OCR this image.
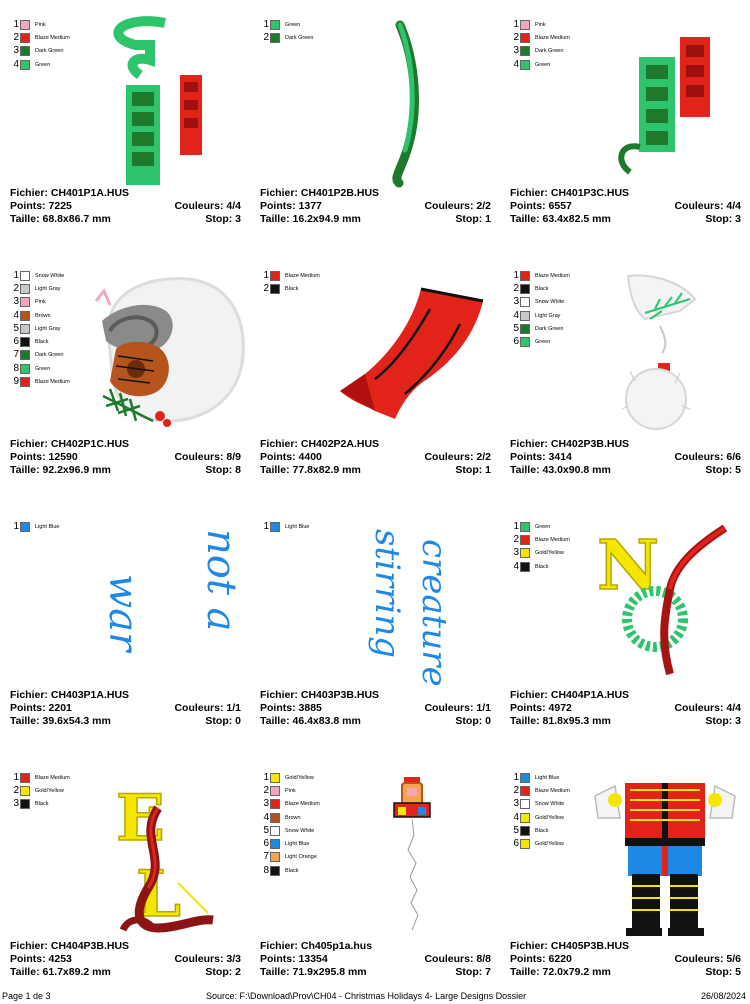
1	Pink
2	Blaze Medium
3	Dark Green
4	Green
Fichier: CH401P1A.HUS
Points: 7225	Couleurs: 4/4
Taille: 68.8x86.7 mm	Stop: 3
1	Green
2	Dark Green
Fichier: CH401P2B.HUS
Points: 1377	Couleurs: 2/2
Taille: 16.2x94.9 mm	Stop: 1
1	Pink
2	Blaze Medium
3	Dark Green
4	Green
Fichier: CH401P3C.HUS
Points: 6557	Couleurs: 4/4
Taille: 63.4x82.5 mm	Stop: 3
1	Snow White
2	Light Gray
3	Pink
4	Brown
5	Light Gray
6	Black
7	Dark Green
8	Green
9	Blaze Medium
Fichier: CH402P1C.HUS
Points: 12590	Couleurs: 8/9
Taille: 92.2x96.9 mm	Stop: 8
1	Blaze Medium
2	Black
Fichier: CH402P2A.HUS
Points: 4400	Couleurs: 2/2
Taille: 77.8x82.9 mm	Stop: 1
1	Blaze Medium
2	Black
3	Snow White
4	Light Gray
5	Dark Green
6	Green
Fichier: CH402P3B.HUS
Points: 3414	Couleurs: 6/6
Taille: 43.0x90.8 mm	Stop: 5
1	Light Blue
war not a
Fichier: CH403P1A.HUS
Points: 2201	Couleurs: 1/1
Taille: 39.6x54.3 mm	Stop: 0
1	Light Blue
stirring creature
Fichier: CH403P3B.HUS
Points: 3885	Couleurs: 1/1
Taille: 46.4x83.8 mm	Stop: 0
1	Green
2	Blaze Medium
3	Gold/Yellow
4	Black N
Fichier: CH404P1A.HUS
Points: 4972	Couleurs: 4/4
Taille: 81.8x95.3 mm	Stop: 3
1	Blaze Medium
2	Gold/Yellow
3	Black E
L
Fichier: CH404P3B.HUS
Points: 4253	Couleurs: 3/3
Taille: 61.7x89.2 mm	Stop: 2
1	Gold/Yellow
2	Pink
3	Blaze Medium
4	Brown
5	Snow White
6	Light Blue
7	Light Orange
8	Black
Fichier: Ch405p1a.hus
Points: 13354	Couleurs: 8/8
Taille: 71.9x295.8 mm	Stop: 7
1	Light Blue
2	Blaze Medium
3	Snow White
4	Gold/Yellow
5	Black
6	Gold/Yellow
Fichier: CH405P3B.HUS
Points: 6220	Couleurs: 5/6
Taille: 72.0x79.2 mm	Stop: 5
Page 1 de 3	Source: F:\Download\Prov\CH04 - Christmas Holidays 4- Large Designs Dossier	26/08/2024
